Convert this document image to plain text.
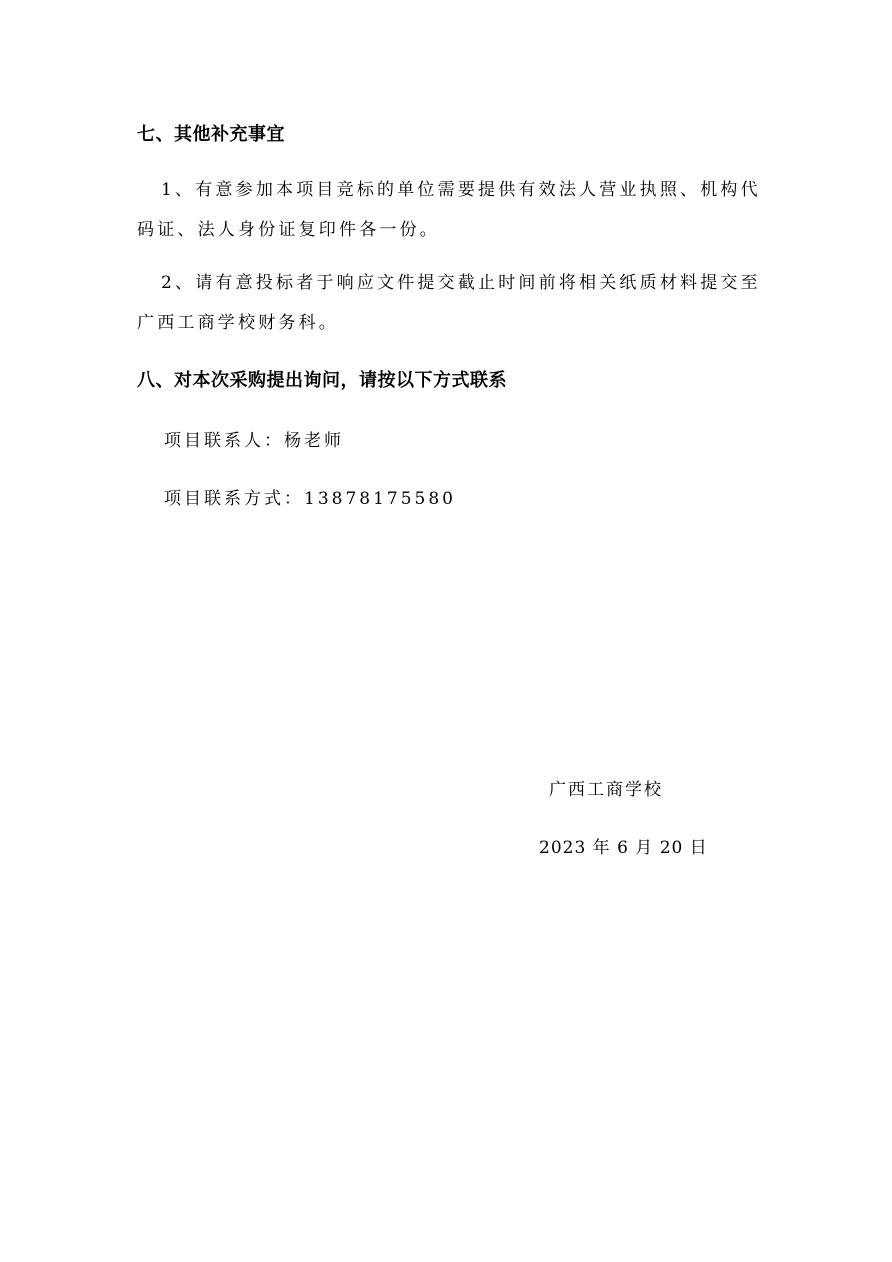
七、其他补充事宜
1、有意参加本项目竞标的单位需要提供有效法人营业执照、机构代
码证、法人身份证复印件各一份。
2、请有意投标者于响应文件提交截止时间前将相关纸质材料提交至
广西工商学校财务科。
八、对本次采购提出询问，请按以下方式联系
项目联系人：杨老师
项目联系方式：13878175580
广西工商学校
2023 年 6 月 20 日
